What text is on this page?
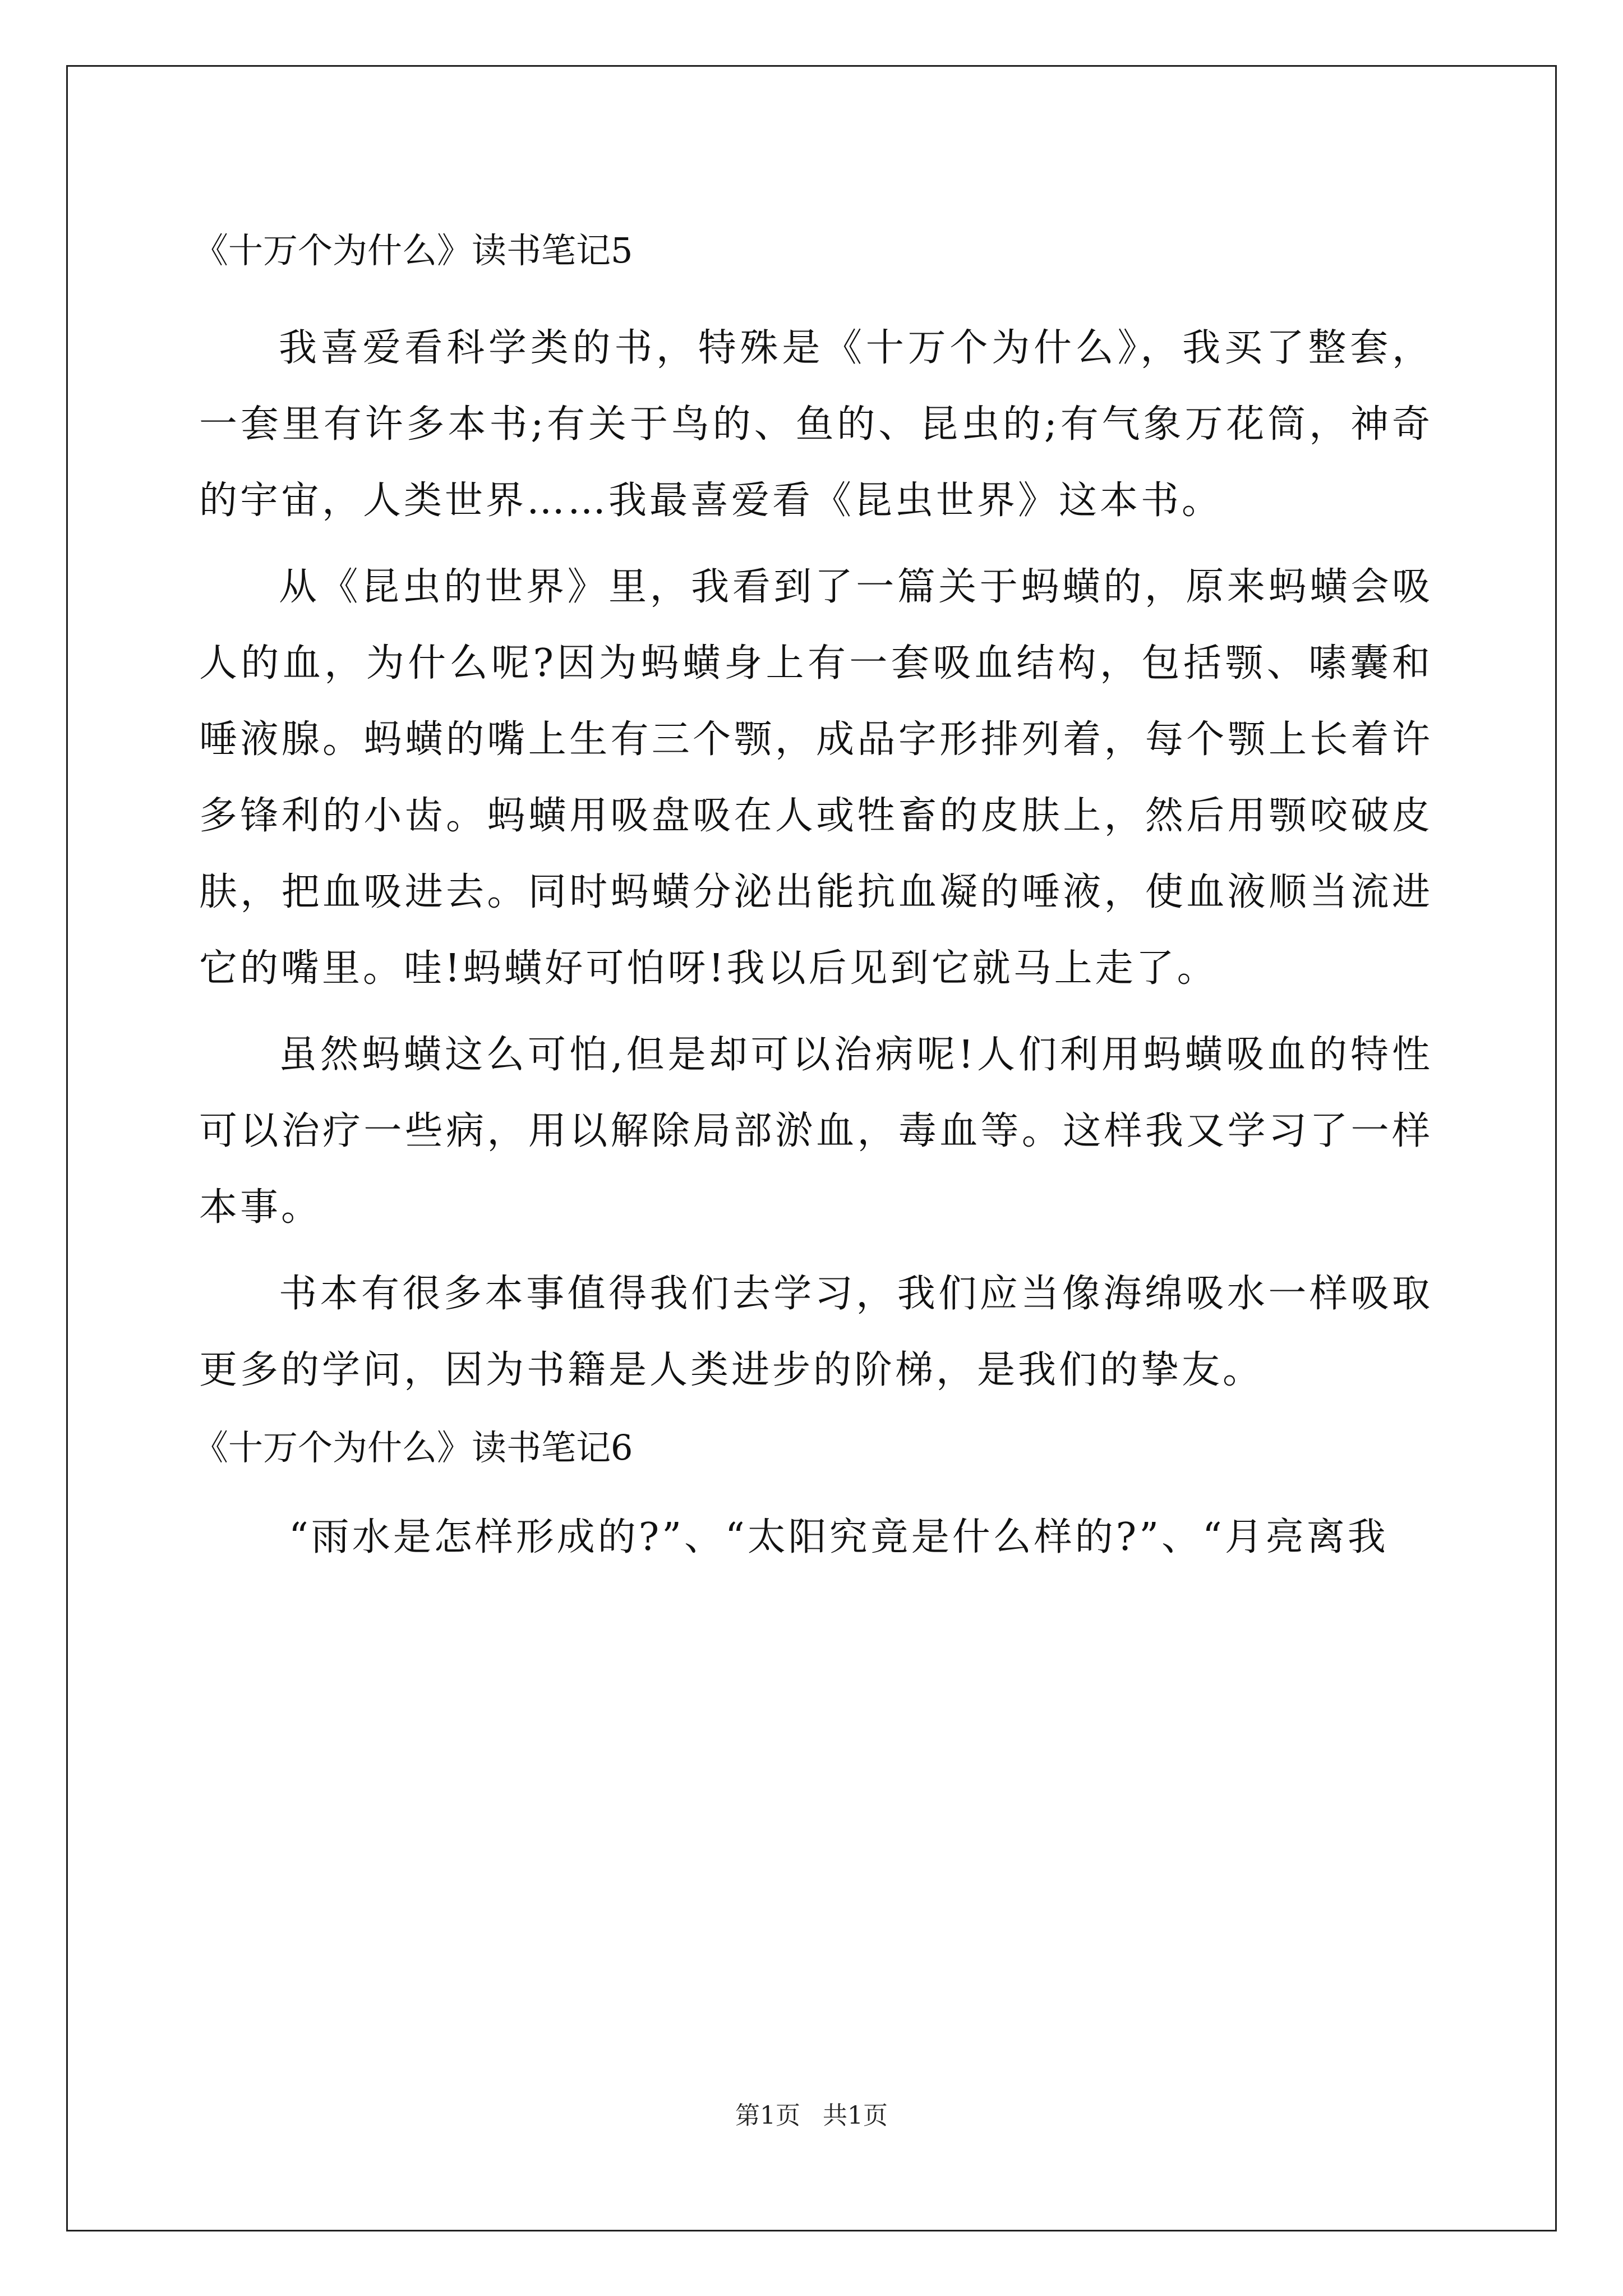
《十万个为什么》读书笔记5

我喜爱看科学类的书，特殊是《十万个为什么》，我买了整套，一套里有许多本书;有关于鸟的、鱼的、昆虫的;有气象万花筒，神奇的宇宙，人类世界……我最喜爱看《昆虫世界》这本书。

从《昆虫的世界》里，我看到了一篇关于蚂蟥的，原来蚂蟥会吸人的血，为什么呢?因为蚂蟥身上有一套吸血结构，包括颚、嗉囊和唾液腺。蚂蟥的嘴上生有三个颚，成品字形排列着，每个颚上长着许多锋利的小齿。蚂蟥用吸盘吸在人或牲畜的皮肤上，然后用颚咬破皮肤，把血吸进去。同时蚂蟥分泌出能抗血凝的唾液，使血液顺当流进它的嘴里。哇!蚂蟥好可怕呀!我以后见到它就马上走了。

虽然蚂蟥这么可怕,但是却可以治病呢!人们利用蚂蟥吸血的特性可以治疗一些病，用以解除局部淤血，毒血等。这样我又学习了一样本事。

书本有很多本事值得我们去学习，我们应当像海绵吸水一样吸取更多的学问，因为书籍是人类进步的阶梯，是我们的挚友。

《十万个为什么》读书笔记6

“雨水是怎样形成的?”、“太阳究竟是什么样的?”、“月亮离我

第1页 共1页
